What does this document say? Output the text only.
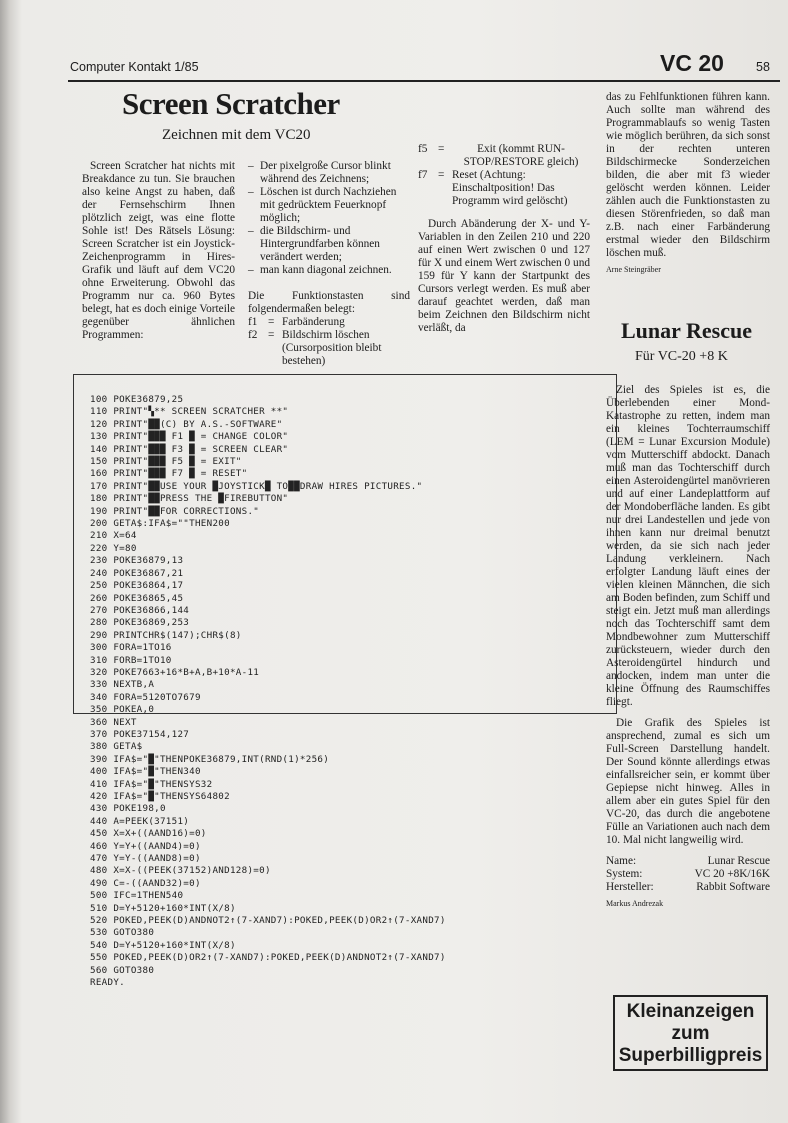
Computer Kontakt 1/85	VC 20	58
Screen Scratcher
Zeichnen mit dem VC20
Screen Scratcher hat nichts mit Breakdance zu tun. Sie brauchen also keine Angst zu haben, daß der Fernsehschirm Ihnen plötzlich zeigt, was eine flotte Sohle ist! Des Rätsels Lösung: Screen Scratcher ist ein Joystick-Zeichenprogramm in Hires-Grafik und läuft auf dem VC20 ohne Erweiterung. Obwohl das Programm nur ca. 960 Bytes belegt, hat es doch einige Vorteile gegenüber ähnlichen Programmen:
– Der pixelgroße Cursor blinkt während des Zeichnens;
– Löschen ist durch Nachziehen mit gedrücktem Feuerknopf möglich;
– die Bildschirm- und Hintergrundfarben können verändert werden;
– man kann diagonal zeichnen.
Die Funktionstasten sind folgendermaßen belegt:
f1 = Farbänderung
f2 = Bildschirm löschen (Cursorposition bleibt bestehen)
f5 =	Exit (kommt RUN-STOP/RESTORE gleich)
f7 = Reset (Achtung: Einschaltposition! Das Programm wird gelöscht)
Durch Abänderung der X- und Y-Variablen in den Zeilen 210 und 220 auf einen Wert zwischen 0 und 127 für X und einem Wert zwischen 0 und 159 für Y kann der Startpunkt des Cursors verlegt werden. Es muß aber darauf geachtet werden, daß man beim Zeichnen den Bildschirm nicht verläßt, da
das zu Fehlfunktionen führen kann. Auch sollte man während des Programmablaufs so wenig Tasten wie möglich berühren, da sich sonst in der rechten unteren Bildschirmecke Sonderzeichen bilden, die aber mit f3 wieder gelöscht werden können. Leider zählen auch die Funktionstasten zu diesen Störenfrieden, so daß man z.B. nach einer Farbänderung erstmal wieder den Bildschirm löschen muß.
Arne Steingräber
100 POKE36879,25
110 PRINT"▚** SCREEN SCRATCHER **"
120 PRINT"██(C) BY A.S.-SOFTWARE"
130 PRINT"███ F1 █ = CHANGE COLOR"
140 PRINT"███ F3 █ = SCREEN CLEAR"
150 PRINT"███ F5 █ = EXIT"
160 PRINT"███ F7 █ = RESET"
170 PRINT"██USE YOUR █JOYSTICK█ TO██DRAW HIRES PICTURES."
180 PRINT"██PRESS THE █FIREBUTTON"
190 PRINT"██FOR CORRECTIONS."
200 GETA$:IFA$=""THEN200
210 X=64
220 Y=80
230 POKE36879,13
240 POKE36867,21
250 POKE36864,17
260 POKE36865,45
270 POKE36866,144
280 POKE36869,253
290 PRINTCHR$(147);CHR$(8)
300 FORA=1TO16
310 FORB=1TO10
320 POKE7663+16*B+A,B+10*A-11
330 NEXTB,A
340 FORA=5120TO7679
350 POKEA,0
360 NEXT
370 POKE37154,127
380 GETA$
390 IFA$="█"THENPOKE36879,INT(RND(1)*256)
400 IFA$="█"THEN340
410 IFA$="█"THENSYS32
420 IFA$="█"THENSYS64802
430 POKE198,0
440 A=PEEK(37151)
450 X=X+((AAND16)=0)
460 Y=Y+((AAND4)=0)
470 Y=Y-((AAND8)=0)
480 X=X-((PEEK(37152)AND128)=0)
490 C=-((AAND32)=0)
500 IFC=1THEN540
510 D=Y+5120+160*INT(X/8)
520 POKED,PEEK(D)ANDNOT2↑(7-XAND7):POKED,PEEK(D)OR2↑(7-XAND7)
530 GOTO380
540 D=Y+5120+160*INT(X/8)
550 POKED,PEEK(D)OR2↑(7-XAND7):POKED,PEEK(D)ANDNOT2↑(7-XAND7)
560 GOTO380
READY.
Lunar Rescue
Für VC-20 +8 K
Ziel des Spieles ist es, die Überlebenden einer Mond-Katastrophe zu retten, indem man ein kleines Tochterraumschiff (LEM = Lunar Excursion Module) vom Mutterschiff abdockt. Danach muß man das Tochterschiff durch einen Asteroidengürtel manövrieren und auf einer Landeplattform auf der Mondoberfläche landen. Es gibt nur drei Landestellen und jede von ihnen kann nur dreimal benutzt werden, da sie sich nach jeder Landung verkleinern. Nach erfolgter Landung läuft eines der vielen kleinen Männchen, die sich am Boden befinden, zum Schiff und steigt ein. Jetzt muß man allerdings noch das Tochterschiff samt dem Mondbewohner zum Mutterschiff zurücksteuern, wieder durch den Asteroidengürtel hindurch und andocken, indem man unter die kleine Öffnung des Raumschiffes fliegt.
Die Grafik des Spieles ist ansprechend, zumal es sich um Full-Screen Darstellung handelt. Der Sound könnte allerdings etwas einfallsreicher sein, er kommt über Gepiepse nicht hinweg. Alles in allem aber ein gutes Spiel für den VC-20, das durch die angebotene Fülle an Variationen auch nach dem 10. Mal nicht langweilig wird.
Name:	Lunar Rescue
System:	VC 20 +8K/16K
Hersteller:	Rabbit Software
Markus Andrezak
Kleinanzeigen
zum
Superbilligpreis
